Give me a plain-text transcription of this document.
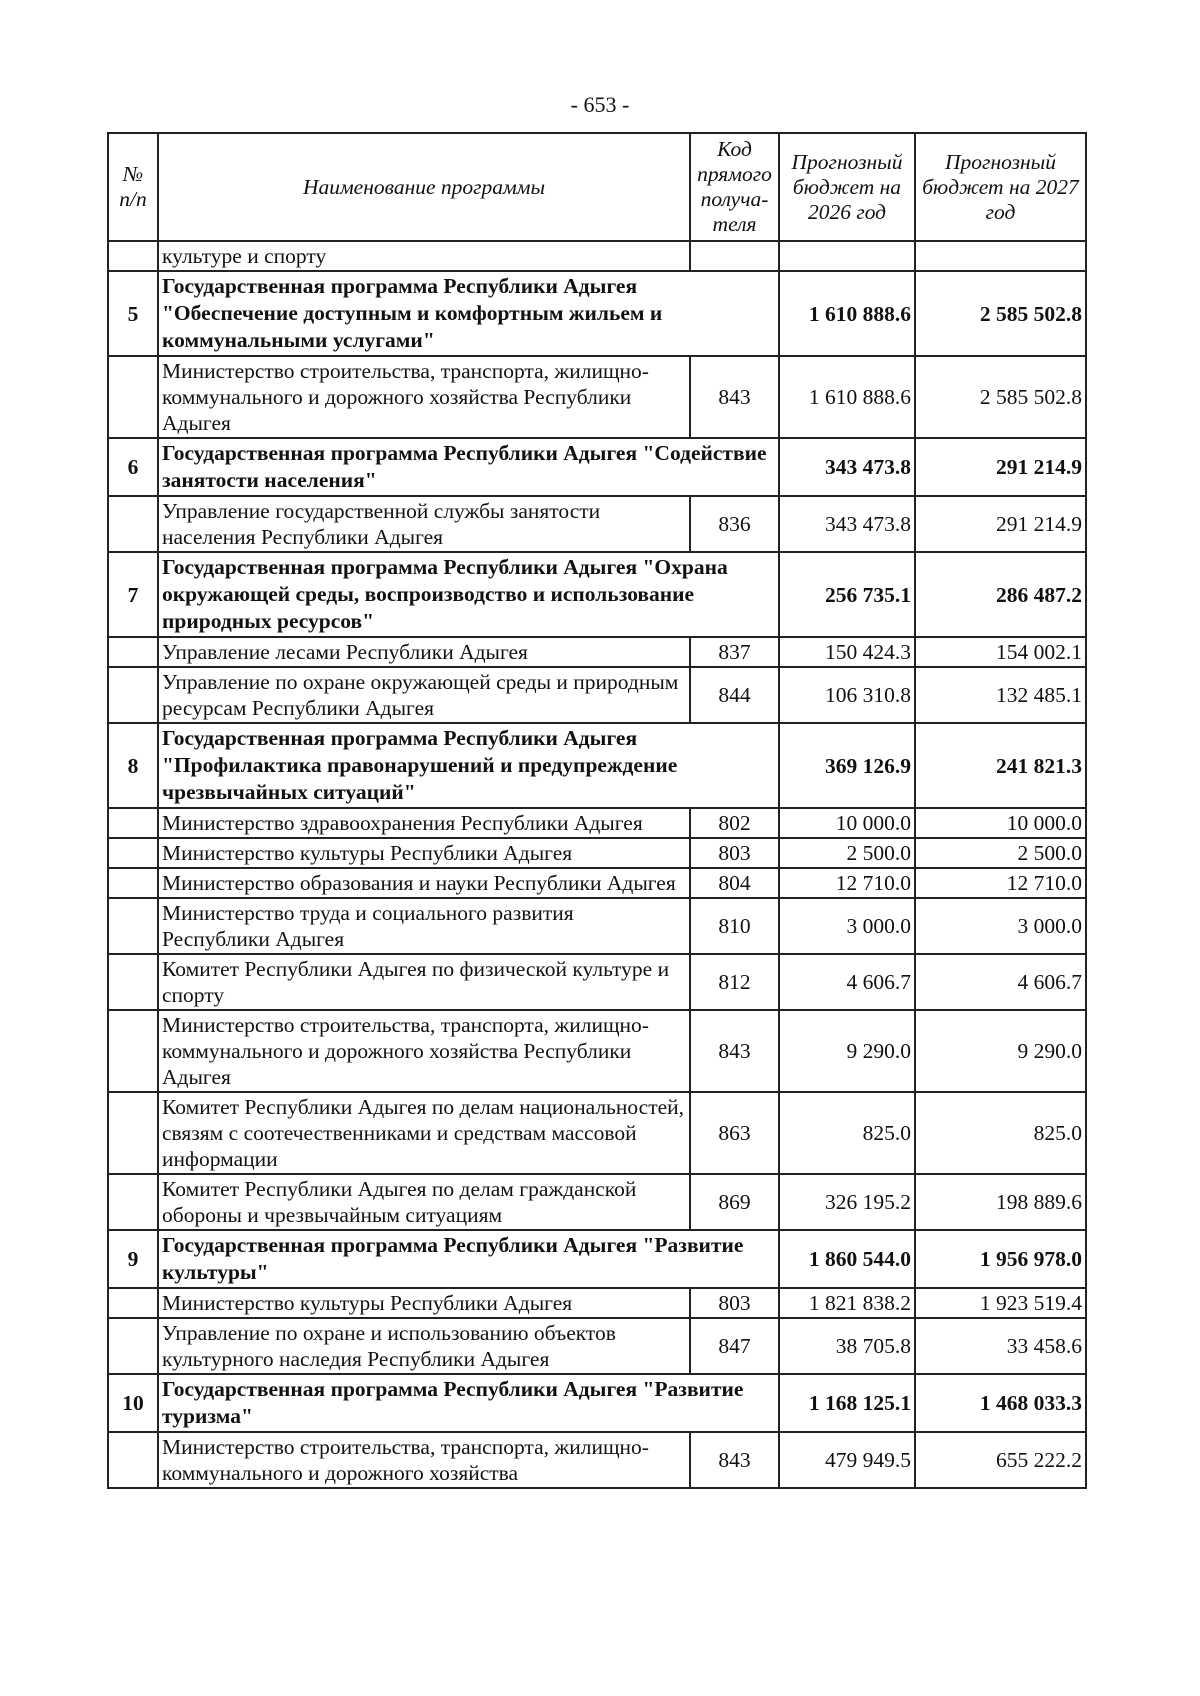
- 653 -
№ п/п	Наименование программы	Код прямого получа-теля	Прогнозный бюджет на 2026 год	Прогнозный бюджет на 2027 год
	культуре и спорту			
5	Государственная программа Республики Адыгея "Обеспечение доступным и комфортным жильем и коммунальными услугами"		1 610 888.6	2 585 502.8
	Министерство строительства, транспорта, жилищно-коммунального и дорожного хозяйства Республики Адыгея	843	1 610 888.6	2 585 502.8
6	Государственная программа Республики Адыгея "Содействие занятости населения"		343 473.8	291 214.9
	Управление государственной службы занятости населения Республики Адыгея	836	343 473.8	291 214.9
7	Государственная программа Республики Адыгея "Охрана окружающей среды, воспроизводство и использование природных ресурсов"		256 735.1	286 487.2
	Управление лесами Республики Адыгея	837	150 424.3	154 002.1
	Управление по охране окружающей среды и природным ресурсам Республики Адыгея	844	106 310.8	132 485.1
8	Государственная программа Республики Адыгея "Профилактика правонарушений и предупреждение чрезвычайных ситуаций"		369 126.9	241 821.3
	Министерство здравоохранения Республики Адыгея	802	10 000.0	10 000.0
	Министерство культуры Республики Адыгея	803	2 500.0	2 500.0
	Министерство образования и науки Республики Адыгея	804	12 710.0	12 710.0
	Министерство труда и социального развития Республики Адыгея	810	3 000.0	3 000.0
	Комитет Республики Адыгея по физической культуре и спорту	812	4 606.7	4 606.7
	Министерство строительства, транспорта, жилищно-коммунального и дорожного хозяйства Республики Адыгея	843	9 290.0	9 290.0
	Комитет Республики Адыгея по делам национальностей, связям с соотечественниками и средствам массовой информации	863	825.0	825.0
	Комитет Республики Адыгея по делам гражданской обороны и чрезвычайным ситуациям	869	326 195.2	198 889.6
9	Государственная программа Республики Адыгея "Развитие культуры"		1 860 544.0	1 956 978.0
	Министерство культуры Республики Адыгея	803	1 821 838.2	1 923 519.4
	Управление по охране и использованию объектов культурного наследия Республики Адыгея	847	38 705.8	33 458.6
10	Государственная программа Республики Адыгея "Развитие туризма"		1 168 125.1	1 468 033.3
	Министерство строительства, транспорта, жилищно-коммунального и дорожного хозяйства	843	479 949.5	655 222.2
